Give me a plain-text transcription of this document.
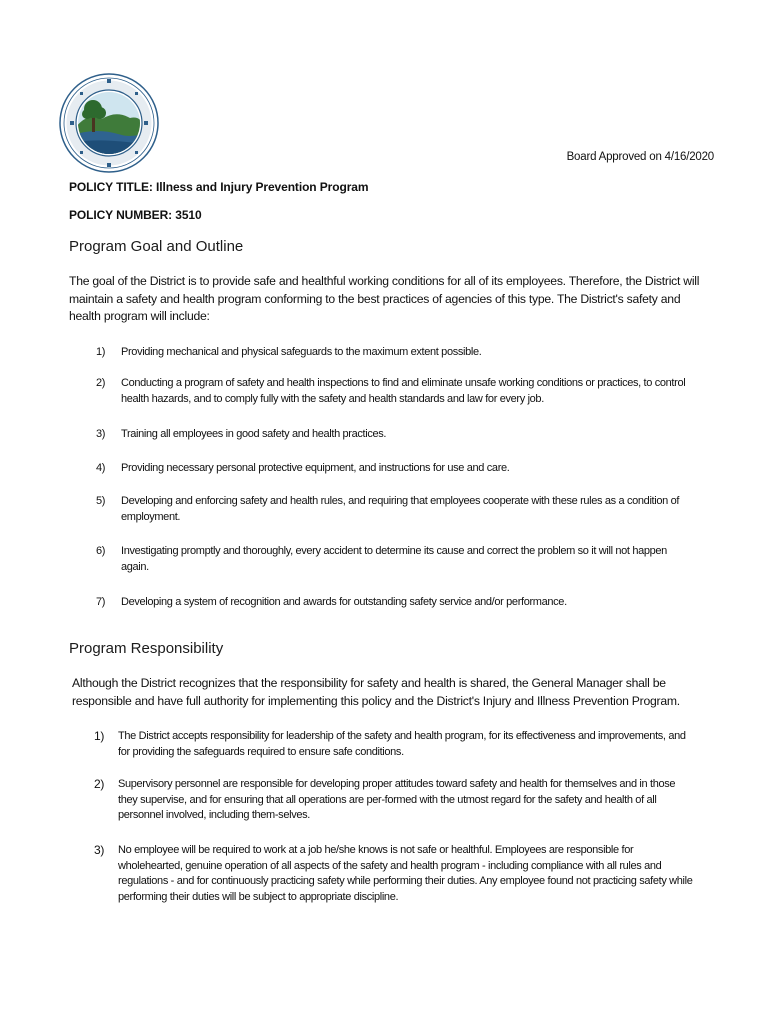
Board Approved on 4/16/2020
POLICY TITLE: Illness and Injury Prevention Program
POLICY NUMBER: 3510
Program Goal and Outline

The goal of the District is to provide safe and healthful working conditions for all of its employees. Therefore, the District will maintain a safety and health program conforming to the best practices of agencies of this type. The District's safety and health program will include:

1) Providing mechanical and physical safeguards to the maximum extent possible.
2) Conducting a program of safety and health inspections to find and eliminate unsafe working conditions or practices, to control health hazards, and to comply fully with the safety and health standards and law for every job.
3) Training all employees in good safety and health practices.
4) Providing necessary personal protective equipment, and instructions for use and care.
5) Developing and enforcing safety and health rules, and requiring that employees cooperate with these rules as a condition of employment.
6) Investigating promptly and thoroughly, every accident to determine its cause and correct the problem so it will not happen again.
7) Developing a system of recognition and awards for outstanding safety service and/or performance.
Program Responsibility

Although the District recognizes that the responsibility for safety and health is shared, the General Manager shall be responsible and have full authority for implementing this policy and the District's Injury and Illness Prevention Program.

1) The District accepts responsibility for leadership of the safety and health program, for its effectiveness and improvements, and for providing the safeguards required to ensure safe conditions.
2) Supervisory personnel are responsible for developing proper attitudes toward safety and health for themselves and in those they supervise, and for ensuring that all operations are per-formed with the utmost regard for the safety and health of all personnel involved, including them-selves.
3) No employee will be required to work at a job he/she knows is not safe or healthful. Employees are responsible for wholehearted, genuine operation of all aspects of the safety and health program - including compliance with all rules and regulations - and for continuously practicing safety while performing their duties. Any employee found not practicing safety while performing their duties will be subject to appropriate discipline.
